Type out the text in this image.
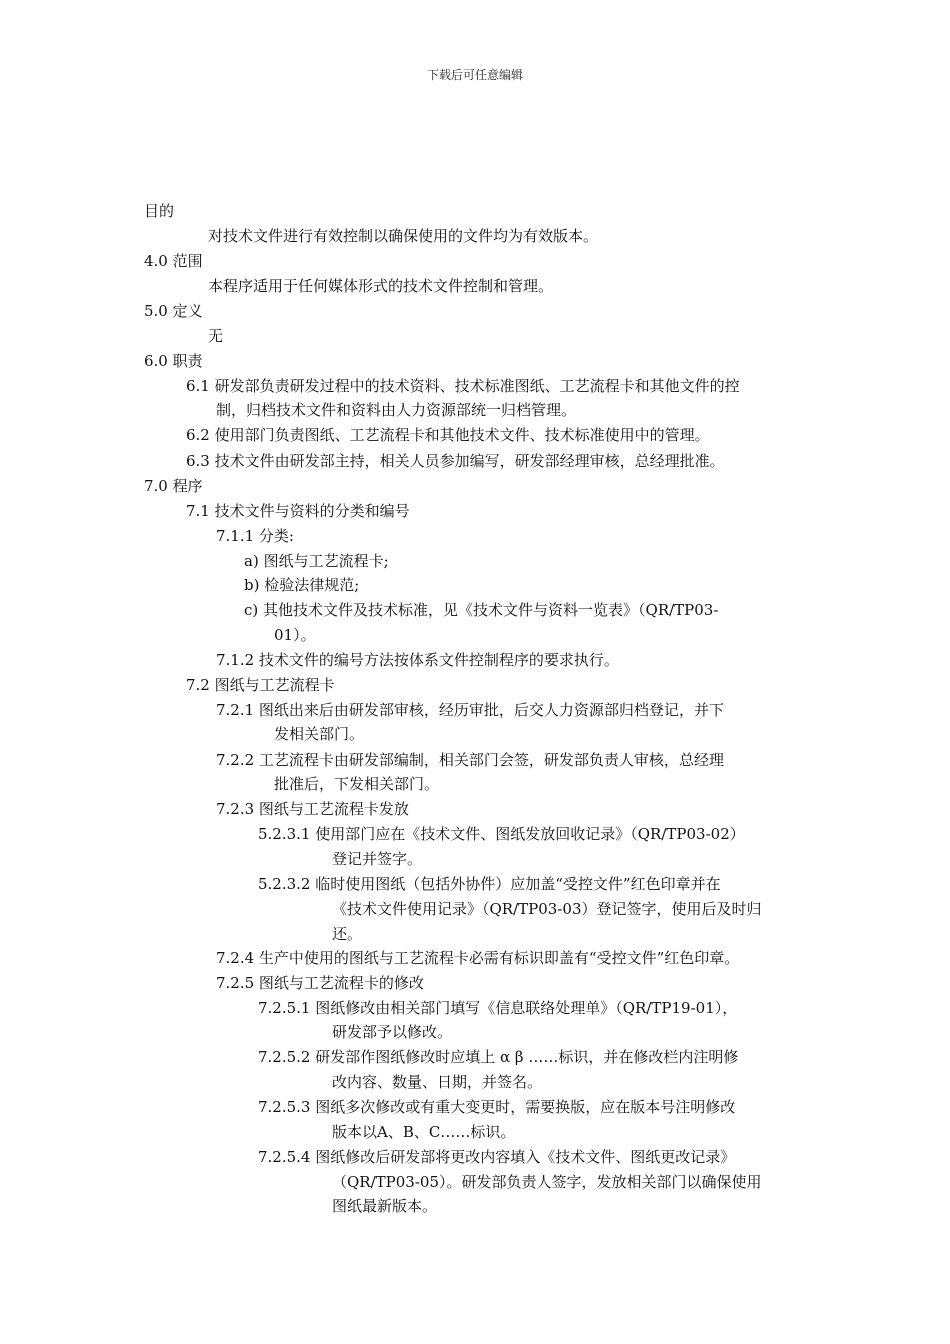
下载后可任意编辑
目的
对技术文件进行有效控制以确保使用的文件均为有效版本。
4.0 范围
本程序适用于任何媒体形式的技术文件控制和管理。
5.0 定义
无
6.0 职责
6.1 研发部负责研发过程中的技术资料、技术标准图纸、工艺流程卡和其他文件的控
制，归档技术文件和资料由人力资源部统一归档管理。
6.2 使用部门负责图纸、工艺流程卡和其他技术文件、技术标准使用中的管理。
6.3 技术文件由研发部主持，相关人员参加编写，研发部经理审核，总经理批准。
7.0 程序
7.1 技术文件与资料的分类和编号
7.1.1 分类:
a) 图纸与工艺流程卡;
b) 检验法律规范;
c) 其他技术文件及技术标准，见《技术文件与资料一览表》（QR/TP03-
01）。
7.1.2 技术文件的编号方法按体系文件控制程序的要求执行。
7.2 图纸与工艺流程卡
7.2.1 图纸出来后由研发部审核，经历审批，后交人力资源部归档登记，并下
发相关部门。
7.2.2 工艺流程卡由研发部编制，相关部门会签，研发部负责人审核，总经理
批准后，下发相关部门。
7.2.3 图纸与工艺流程卡发放
5.2.3.1 使用部门应在《技术文件、图纸发放回收记录》（QR/TP03-02）
登记并签字。
5.2.3.2 临时使用图纸（包括外协件）应加盖“受控文件”红色印章并在
《技术文件使用记录》（QR/TP03-03）登记签字，使用后及时归
还。
7.2.4 生产中使用的图纸与工艺流程卡必需有标识即盖有“受控文件”红色印章。
7.2.5 图纸与工艺流程卡的修改
7.2.5.1 图纸修改由相关部门填写《信息联络处理单》（QR/TP19-01），
研发部予以修改。
7.2.5.2 研发部作图纸修改时应填上 α β ……标识，并在修改栏内注明修
改内容、数量、日期，并签名。
7.2.5.3 图纸多次修改或有重大变更时，需要换版，应在版本号注明修改
版本以A、B、C……标识。
7.2.5.4 图纸修改后研发部将更改内容填入《技术文件、图纸更改记录》
（QR/TP03-05）。研发部负责人签字，发放相关部门以确保使用
图纸最新版本。
